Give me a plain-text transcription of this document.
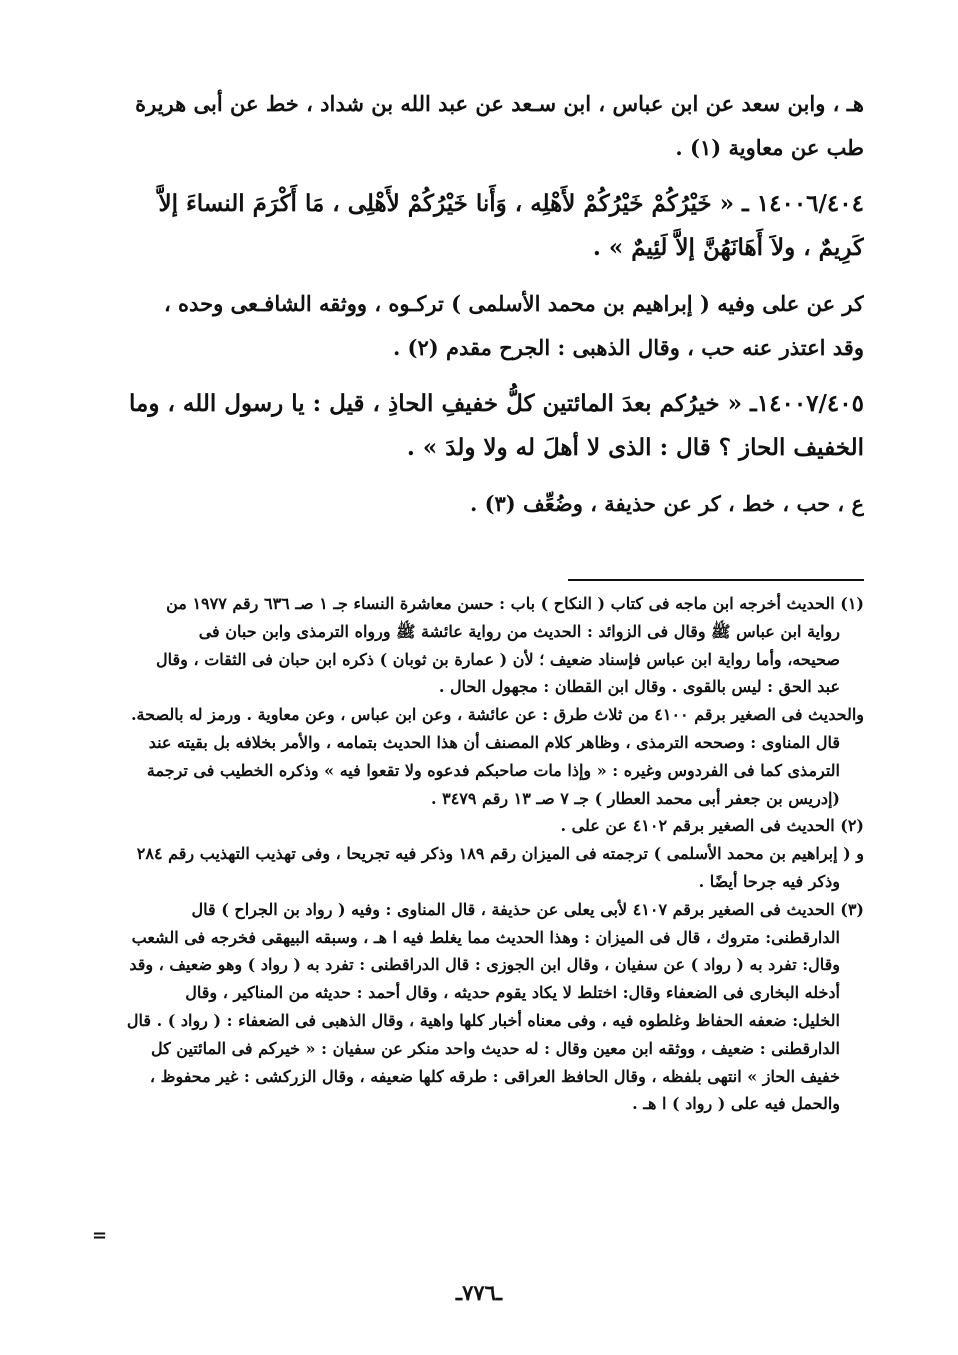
هـ ، وابن سعد عن ابن عباس ، ابن سـعد عن عبد الله بن شداد ، خط عن أبى هريرة
طب عن معاوية (١) .

١٤٠٠٦/٤٠٤ ـ « خَيْرُكُمْ خَيْرُكُمْ لأَهْلِه ، وَأَنا خَيْرُكُمْ لأَهْلِى ، مَا أَكْرَمَ النساءَ إلاَّ
كَرِيمٌ ، ولاَ أَهَانَهُنَّ إلاَّ لَئِيمٌ » .

كر عن على وفيه ( إبراهيم بن محمد الأسلمى ) تركـوه ، ووثقه الشافـعى وحده ،
وقد اعتذر عنه حب ، وقال الذهبى : الجرح مقدم (٢) .

١٤٠٠٧/٤٠٥ـ « خيرُكم بعدَ المائتين كلُّ خفيفِ الحاذِ ، قيل : يا رسول الله ، وما
الخفيف الحاز ؟ قال : الذى لا أهلَ له ولا ولدَ » .

ع ، حب ، خط ، كر عن حذيفة ، وضُعِّف (٣) .

(١) الحديث أخرجه ابن ماجه فى كتاب ( النكاح ) باب : حسن معاشرة النساء جـ ١ صـ ٦٣٦ رقم ١٩٧٧ من
رواية ابن عباس ﷺ وقال فى الزوائد : الحديث من رواية عائشة ﷺ ورواه الترمذى وابن حبان فى
صحيحه، وأما رواية ابن عباس فإسناد ضعيف ؛ لأن ( عمارة بن ثوبان ) ذكره ابن حبان فى الثقات ، وقال
عبد الحق : ليس بالقوى . وقال ابن القطان : مجهول الحال .

والحديث فى الصغير برقم ٤١٠٠ من ثلاث طرق : عن عائشة ، وعن ابن عباس ، وعن معاوية . ورمز له بالصحة.
قال المناوى : وصححه الترمذى ، وظاهر كلام المصنف أن هذا الحديث بتمامه ، والأمر بخلافه بل بقيته عند
الترمذى كما فى الفردوس وغيره : « وإذا مات صاحبكم فدعوه ولا تقعوا فيه » وذكره الخطيب فى ترجمة
(إدريس بن جعفر أبى محمد العطار ) جـ ٧ صـ ١٣ رقم ٣٤٧٩ .

(٢) الحديث فى الصغير برقم ٤١٠٢ عن على .

و ( إبراهيم بن محمد الأسلمى ) ترجمته فى الميزان رقم ١٨٩ وذكر فيه تجريحا ، وفى تهذيب التهذيب رقم ٢٨٤
وذكر فيه جرحا أيضًا .

(٣) الحديث فى الصغير برقم ٤١٠٧ لأبى يعلى عن حذيفة ، قال المناوى : وفيه ( رواد بن الجراح ) قال
الدارقطنى: متروك ، قال فى الميزان : وهذا الحديث مما يغلط فيه ا هـ ، وسبقه البيهقى فخرجه فى الشعب
وقال: تفرد به ( رواد ) عن سفيان ، وقال ابن الجوزى : قال الدراقطنى : تفرد به ( رواد ) وهو ضعيف ، وقد
أدخله البخارى فى الضعفاء وقال: اختلط لا يكاد يقوم حديثه ، وقال أحمد : حديثه من المناكير ، وقال
الخليل: ضعفه الحفاظ وغلطوه فيه ، وفى معناه أخبار كلها واهية ، وقال الذهبى فى الضعفاء : ( رواد ) . قال
الدارقطنى : ضعيف ، ووثقه ابن معين وقال : له حديث واحد منكر عن سفيان : « خيركم فى المائتين كل
خفيف الحاز » انتهى بلفظه ، وقال الحافظ العراقى : طرقه كلها ضعيفه ، وقال الزركشى : غير محفوظ ،
والحمل فيه على ( رواد ) ا هـ .

=
ـ٧٧٦ـ
